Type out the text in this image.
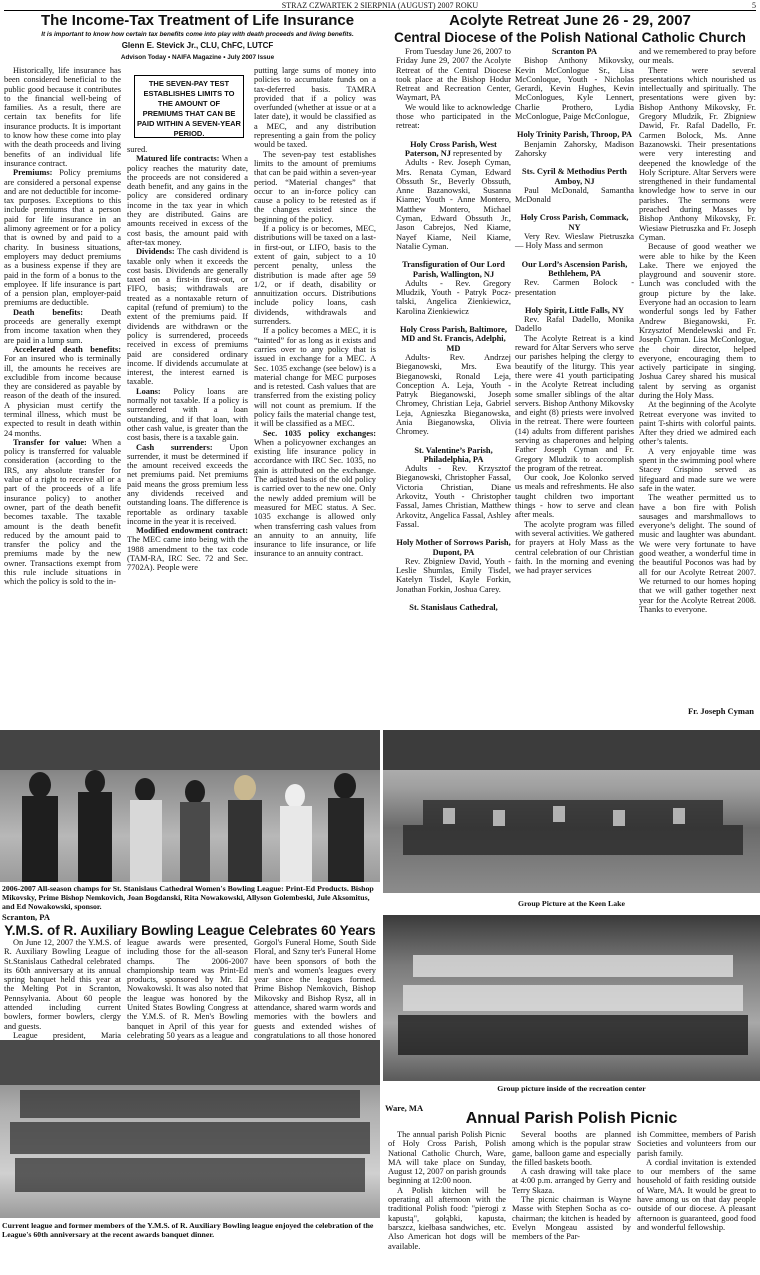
STRAZ CZWARTEK 2 SIERPNIA (AUGUST) 2007 ROKU	5
The Income-Tax Treatment of Life Insurance
It is important to know how certain tax benefits come into play with death proceeds and living benefits.
Glenn E. Stevick Jr., CLU, ChFC, LUTCF
Advison Today • NAIFA Magazine • July 2007 Issue

Historically, life insurance has been considered beneficial to the public good because it contributes to the financial well-being of families. As a result, there are certain tax benefits for life insurance products. It is important to know how these come into play with the death proceeds and living benefits of an individual life insurance contract.

Premiums: Policy premiums are considered a personal expense and are not deductible for income-tax purposes. Exceptions to this include premiums that a person paid for life insurance in an alimony agreement or for a policy that is owned by and paid to a charity. In business situations, employers may deduct premiums as a business expense if they are paid in the form of a bonus to the employee. If life insurance is part of a pension plan, employer-paid premiums are deductible.

Death benefits: Death proceeds are generally exempt from income taxation when they are paid in a lump sum.

Accelerated death benefits: For an insured who is terminally ill, the amounts he receives are excludible from income because they are considered as payable by reason of the death of the insured. A physician must certify the terminal illness, which must be expected to result in death within 24 months.

Transfer for value: When a policy is transferred for valuable consideration (according to the IRS, any absolute transfer for value of a right to receive all or a part of the proceeds of a life insurance policy) to another owner, part of the death benefit becomes taxable. The taxable amount is the death benefit reduced by the amount paid to transfer the policy and the premiums made by the new owner. Transactions exempt from this rule include situations in which the policy is sold to the in-

THE SEVEN-PAY TEST ESTABLISHES LIMITS TO THE AMOUNT OF PREMIUMS THAT CAN BE PAID WITHIN A SEVEN-YEAR PERIOD.

sured.

Matured life contracts: When a policy reaches the maturity date, the proceeds are not considered a death benefit, and any gains in the policy are considered ordinary income in the tax year in which they are distributed. Gains are amounts received in excess of the cost basis, the amount paid with after-tax money.

Dividends: The cash dividend is taxable only when it exceeds the cost basis. Dividends are generally taxed on a first-in first-out, or FIFO, basis; withdrawals are treated as a nontaxable return of capital (refund of premium) to the extent of the premiums paid. If dividends are withdrawn or the policy is surrendered, proceeds received in excess of premiums paid are considered ordinary income. If dividends accumulate at interest, the interest earned is taxable.

Loans: Policy loans are normally not taxable. If a policy is surrendered with a loan outstanding, and if that loan, with other cash value, is greater than the cost basis, there is a taxable gain.

Cash surrenders: Upon surrender, it must be determined if the amount received exceeds the net premiums paid. Net premiums paid means the gross premium less any dividends received and outstanding loans. The difference is reportable as ordinary taxable income in the year it is received.

Modified endowment contract: The MEC came into being with the 1988 amendment to the tax code (TAM-RA, IRC Sec. 72 and Sec. 7702A). People were

putting large sums of money into policies to accumulate funds on a tax-deferred basis. TAMRA provided that if a policy was overfunded (whether at issue or at a later date), it would be classified as a MEC, and any distribution representing a gain from the policy would be taxed.

The seven-pay test establishes limits to the amount of premiums that can be paid within a seven-year period. “Material changes” that occur to an in-force policy can cause a policy to be retested as if the changes existed since the beginning of the policy.

If a policy is or becomes, MEC, distributions will be taxed on a last-in first-out, or LIFO, basis to the extent of gain, subject to a 10 percent penalty, unless the distribution is made after age 59 1/2, or if death, disability or annuitization occurs. Distributions include policy loans, cash dividends, withdrawals and surrenders.

If a policy becomes a MEC, it is “tainted” for as long as it exists and carries over to any policy that is issued in exchange for a MEC. A Sec. 1035 exchange (see below) is a material change for MEC purposes and is retested. Cash values that are transferred from the existing policy will not count as premium. If the policy fails the material change test, it will be classified as a MEC.

Sec. 1035 policy exchanges: When a policyowner exchanges an existing life insurance policy in accordance with IRC Sec. 1035, no gain is attributed on the exchange. The adjusted basis of the old policy is carried over to the new one. Only the newly added premium will be measured for MEC status. A Sec. 1035 exchange is allowed only when transferring cash values from an annuity to an annuity, life insurance to life insurance, or life insurance to an annuity contract.

Acolyte Retreat June 26 - 29, 2007
Central Diocese of the Polish National Catholic Church

From Tuesday June 26, 2007 to Friday June 29, 2007 the Acolyte Retreat of the Central Diocese took place at the Bishop Hodur Retreat and Recreation Center, Waymart, PA

We would like to acknowledge those who participated in the retreat:

Holy Cross Parish, West Paterson, NJ represented by

Adults - Rev. Joseph Cyman, Mrs. Renata Cyman, Edward Obssuth Sr., Beverly Obssuth, Anne Bazanowski, Susanna Kiame; Youth - Anne Montero, Matthew Montero, Michael Cyman, Edward Obssuth Jr., Jason Cabrejos, Ned Kiame, Nayef Kiame, Neil Kiame, Natalie Cyman.

Transfiguration of Our Lord Parish, Wallington, NJ

Adults - Rev. Gregory Mludzik, Youth - Patryk Pocz-talski, Angelica Zienkiewicz, Karolina Zienkiewicz

Holy Cross Parish, Baltimore, MD and St. Francis, Adelphi, MD

Adults- Rev. Andrzej Bieganowski, Mrs. Ewa Bieganowski, Ronald Leja, Conception A. Leja, Youth - Patryk Bieganowski, Joseph Chromey, Christian Leja, Gabriel Leja, Agnieszka Bieganowska, Ania Bieganowska, Olivia Chromey.

St. Valentine’s Parish, Philadelphia, PA

Adults - Rev. Krzysztof Bieganowski, Christopher Fassal, Victoria Christian, Diane Arkovitz, Youth - Christopher Fassal, James Christian, Matthew Arkovitz, Angelica Fassal, Ashley Fassal.

Holy Mother of Sorrows Parish, Dupont, PA

Rev. Zbigniew David, Youth - Leslie Shumlas, Emily Tisdel, Katelyn Tisdel, Kayle Forkin, Jonathan Forkin, Joshua Carey.

St. Stanislaus Cathedral,

Scranton PA

Bishop Anthony Mikovsky, Kevin McConlogue Sr., Lisa McConloque, Youth - Nicholas Gerardi, Kevin Hughes, Kevin McConlogues, Kyle Lennert, Charlie Prothero, Lydia McConlogue, Paige McConlogue,

Holy Trinity Parish, Throop, PA

Benjamin Zahorsky, Madison Zahorsky

Sts. Cyril & Methodius Perth Amboy, NJ

Paul McDonald, Samantha McDonald

Holy Cross Parish, Commack, NY

Very Rev. Wieslaw Pietruszka — Holy Mass and sermon

Our Lord’s Ascension Parish, Bethlehem, PA

Rev. Carmen Bolock - presentation

Holy Spirit, Little Falls, NY

Rev. Rafal Dadello, Monika Dadello

The Acolyte Retreat is a kind reward for Altar Servers who serve our parishes helping the clergy to beautify of the liturgy. This year there were 41 youth participating in the Acolyte Retreat including some smaller siblings of the altar servers. Bishop Anthony Mikovsky and eight (8) priests were involved in the retreat. There were fourteen (14) adults from different parishes serving as chaperones and helping Father Joseph Cyman and Fr. Gregory Mludzik to accomplish the program of the retreat.

Our cook, Joe Kolonko served us meals and refreshments. He also taught children two important things - how to serve and clean after meals.

The acolyte program was filled with several activities. We gathered for prayers at Holy Mass as the central celebration of our Christian faith. In the morning and evening we had prayer services

and we remembered to pray before our meals.

There were several presentations which nourished us intellectually and spiritually. The presentations were given by: Bishop Anthony Mikovsky, Fr. Gregory Mludzik, Fr. Zbigniew Dawid, Fr. Rafal Dadello, Fr. Carmen Bolock, Ms. Anne Bazanowski. Their presentations were very interesting and deepened the knowledge of the Holy Scripture. Altar Servers were strengthened in their fundamental knowledge how to serve in our parishes. The sermons were preached during Masses by Bishop Anthony Mikovsky, Fr. Wiesiaw Pietruszka and Fr. Joseph Cyman.

Because of good weather we were able to hike by the Keen Lake. There we enjoyed the playground and souvenir store. Lunch was concluded with the group picture by the lake. Everyone had an occasion to learn wonderful songs led by Father Andrew Bieganowski, Fr. Krzysztof Mendelewski and Fr. Joseph Cyman. Lisa McConlogue, the choir director, helped everyone, encouraging them to actively participate in singing. Joshua Carey shared his musical talent by serving as organist during the Holy Mass.

At the beginning of the Acolyte Retreat everyone was invited to paint T-shirts with colorful paints. After they dried we admired each other’s talents.

A very enjoyable time was spent in the swimming pool where Stacey Crispino served as lifeguard and made sure we were safe in the water.

The weather permitted us to have a bon fire with Polish sausages and marshmallows to everyone’s delight. The sound of music and laughter was abundant. We were very fortunate to have good weather, a wonderful time in the beautiful Poconos was had by all for our Acolyte Retreat 2007. We returned to our homes hoping that we will gather together next year for the Acolyte Retreat 2008. Thanks to everyone.

Fr. Joseph Cyman
2006-2007 All-season champs for St. Stanislaus Cathedral Women's Bowling League: Print-Ed Products. Bishop Mikovsky, Prime Bishop Nemkovich, Joan Bogdanski, Rita Nowakowski, Allyson Golembeski, Jule Aksomitus, and Ed Nowakowski, sponsor.
Scranton, PA
Group Picture at the Keen Lake
Y.M.S. of R. Auxiliary Bowling League Celebrates 60 Years

On June 12, 2007 the Y.M.S. of R. Auxiliary Bowling League of St.Stanislaus Cathedral celebrated its 60th anniversary at its annual spring banquet held this year at the Melting Pot in Scranton, Pennsylvania. About 60 people attended including current bowlers, former bowlers, clergy and guests.

League president, Maria

league awards were presented, including those for the all-season champs. The 2006-2007 championship team was Print-Ed products, sponsored by Mr. Ed Nowakowski. It was also noted that the league was honored by the United States Bowling Congress at the Y.M.S. of R. Men's Bowling banquet in April of this year for celebrating 50 years as a league and

Gorgol's Funeral Home, South Side Floral, and Szny ter's Funeral Home have been sponsors of both the men's and women's leagues every year since the leagues formed. Prime Bishop Nemkovich, Bishop Mikovsky and Bishop Rysz, all in attendance, shared warm words and memories with the bowlers and guests and extended wishes of congratulations to all those honored

Group picture inside of the recreation center
Current league and former members of the Y.M.S. of R. Auxiliary Bowling league enjoyed the celebration of the League's 60th anniversary at the recent awards banquet dinner.
Ware, MA
Annual Parish Polish Picnic

The annual parish Polish Picnic of Holy Cross Parish, Polish National Catholic Church, Ware, MA will take place on Sunday, August 12, 2007 on parish grounds beginning at 12:00 noon.

A Polish kitchen will be operating all afternoon with the traditional Polish food: "pierogi z kapustą", gołąbki, kapusta, barszcz, kiełbasa sandwiches, etc. Also American hot dogs will be available.

Several booths are planned among which is the popular straw game, balloon game and especially the filled baskets booth.

A cash drawing will take place at 4:00 p.m. arranged by Gerry and Terry Skaza.

The picnic chairman is Wayne Masse with Stephen Socha as co-chairman; the kitchen is headed by Evelyn Mongeau assisted by members of the Par-

ish Committee, members of Parish Societies and volunteers from our parish family.

A cordial invitation is extended to our members of the same household of faith residing outside of Ware, MA. It would be great to have among us on that day people outside of our diocese. A pleasant afternoon is guaranteed, good food and wonderful fellowship.
